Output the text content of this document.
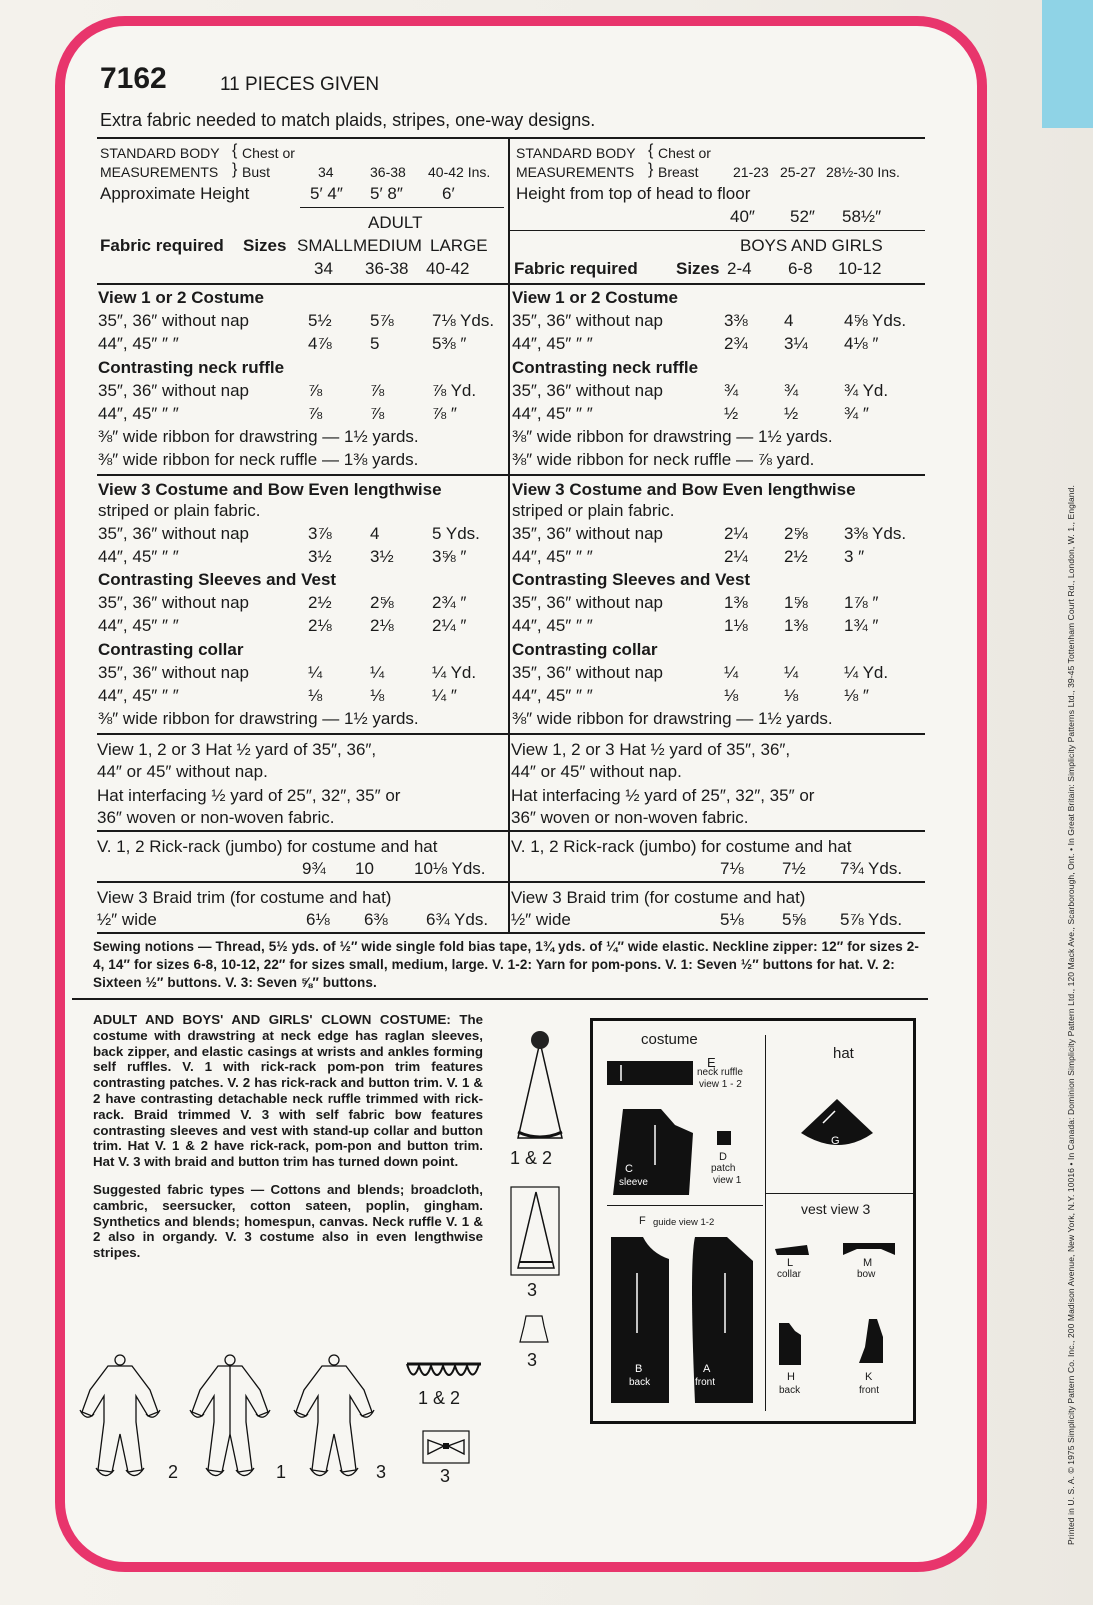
Printed in U. S. A. © 1975 Simplicity Pattern Co. Inc., 200 Madison Avenue, New York, N.Y. 10016 • In Canada: Dominion Simplicity Pattern Ltd., 120 Mack Ave., Scarborough, Ont. • In Great Britain: Simplicity Patterns Ltd., 39-45 Tottenham Court Rd., London, W. 1., England.
7162	11 PIECES GIVEN
Extra fabric needed to match plaids, stripes, one-way designs.
STANDARD BODY { Chest or
MEASUREMENTS } Bust	34	36-38 40-42 Ins.
Approximate Height	5′ 4″ 5′ 8″ 6′
ADULT
Fabric required Sizes SMALL MEDIUM LARGE
34 36-38 40-42
STANDARD BODY { Chest or
MEASUREMENTS } Breast 21-23 25-27 28½-30 Ins.
Height from top of head to floor
40″ 52″ 58½″
BOYS AND GIRLS
Fabric required Sizes 2-4 6-8 10-12
View 1 or 2 Costume
35″, 36″ without nap	5½ 5⅞ 7⅛ Yds.
44″, 45″ ″ ″	4⅞ 5	5⅜ ″
Contrasting neck ruffle
35″, 36″ without nap	⅞	⅞	⅞ Yd.
44″, 45″ ″ ″	⅞	⅞	⅞ ″
⅜″ wide ribbon for drawstring — 1½ yards.
⅜″ wide ribbon for neck ruffle — 1⅜ yards.
View 3 Costume and Bow Even lengthwise
striped or plain fabric.
35″, 36″ without nap	3⅞ 4	5 Yds.
44″, 45″ ″ ″	3½ 3½ 3⅝ ″
Contrasting Sleeves and Vest
35″, 36″ without nap	2½ 2⅝ 2¾ ″
44″, 45″ ″ ″	2⅛ 2⅛ 2¼ ″
Contrasting collar
35″, 36″ without nap	¼	¼	¼ Yd.
44″, 45″ ″ ″	⅛	⅛	¼ ″
⅜″ wide ribbon for drawstring — 1½ yards.
View 1 or 2 Costume
35″, 36″ without nap	3⅜ 4	4⅝ Yds.
44″, 45″ ″ ″	2¾ 3¼ 4⅛ ″
Contrasting neck ruffle
35″, 36″ without nap	¾	¾	¾ Yd.
44″, 45″ ″ ″	½	½	¾ ″
⅜″ wide ribbon for drawstring — 1½ yards.
⅜″ wide ribbon for neck ruffle — ⅞ yard.
View 3 Costume and Bow Even lengthwise
striped or plain fabric.
35″, 36″ without nap	2¼ 2⅝ 3⅜ Yds.
44″, 45″ ″ ″	2¼ 2½ 3 ″
Contrasting Sleeves and Vest
35″, 36″ without nap	1⅜ 1⅝ 1⅞ ″
44″, 45″ ″ ″	1⅛ 1⅜ 1¾ ″
Contrasting collar
35″, 36″ without nap	¼	¼	¼ Yd.
44″, 45″ ″ ″	⅛	⅛	⅛ ″
⅜″ wide ribbon for drawstring — 1½ yards.
View 1, 2 or 3 Hat ½ yard of 35″, 36″,
44″ or 45″ without nap.
Hat interfacing ½ yard of 25″, 32″, 35″ or
36″ woven or non-woven fabric.
V. 1, 2 Rick-rack (jumbo) for costume and hat
9¾ 10 10⅛ Yds.
View 3 Braid trim (for costume and hat)
½″ wide	6⅛ 6⅜ 6¾ Yds.
View 1, 2 or 3 Hat ½ yard of 35″, 36″,
44″ or 45″ without nap.
Hat interfacing ½ yard of 25″, 32″, 35″ or
36″ woven or non-woven fabric.
V. 1, 2 Rick-rack (jumbo) for costume and hat
7⅛ 7½ 7¾ Yds.
View 3 Braid trim (for costume and hat)
½″ wide	5⅛ 5⅝ 5⅞ Yds.
Sewing notions — Thread, 5½ yds. of ½″ wide single fold bias tape, 1¾ yds. of ¼″ wide elastic. Neckline zipper: 12″ for sizes 2-4, 14″ for sizes 6-8, 10-12, 22″ for sizes small, medium, large. V. 1-2: Yarn for pom-pons. V. 1: Seven ½″ buttons for hat. V. 2: Sixteen ½″ buttons. V. 3: Seven ⅝″ buttons.

ADULT AND BOYS' AND GIRLS' CLOWN COSTUME: The costume with drawstring at neck edge has raglan sleeves, back zipper, and elastic casings at wrists and ankles forming self ruffles. V. 1 with rick-rack pom-pon trim features contrasting patches. V. 2 has rick-rack and button trim. V. 1 & 2 have contrasting detachable neck ruffle trimmed with rick-rack. Braid trimmed V. 3 with self fabric bow features contrasting sleeves and vest with stand-up collar and button trim. Hat V. 1 & 2 have rick-rack, pom-pon and button trim. Hat V. 3 with braid and button trim has turned down point.

Suggested fabric types — Cottons and blends; broadcloth, cambric, seersucker, cotton sateen, poplin, gingham. Synthetics and blends; homespun, canvas. Neck ruffle V. 1 & 2 also in organdy. V. 3 costume also in even lengthwise stripes.

1 & 2
3
3
1 & 2
3
2	1	3
costume
hat
E
neck ruffle
view 1 - 2
C
sleeve
D
patch
view 1
G
F guide view 1-2
B
back
A
front
vest view 3
L
collar
M
bow
H
back
K
front
